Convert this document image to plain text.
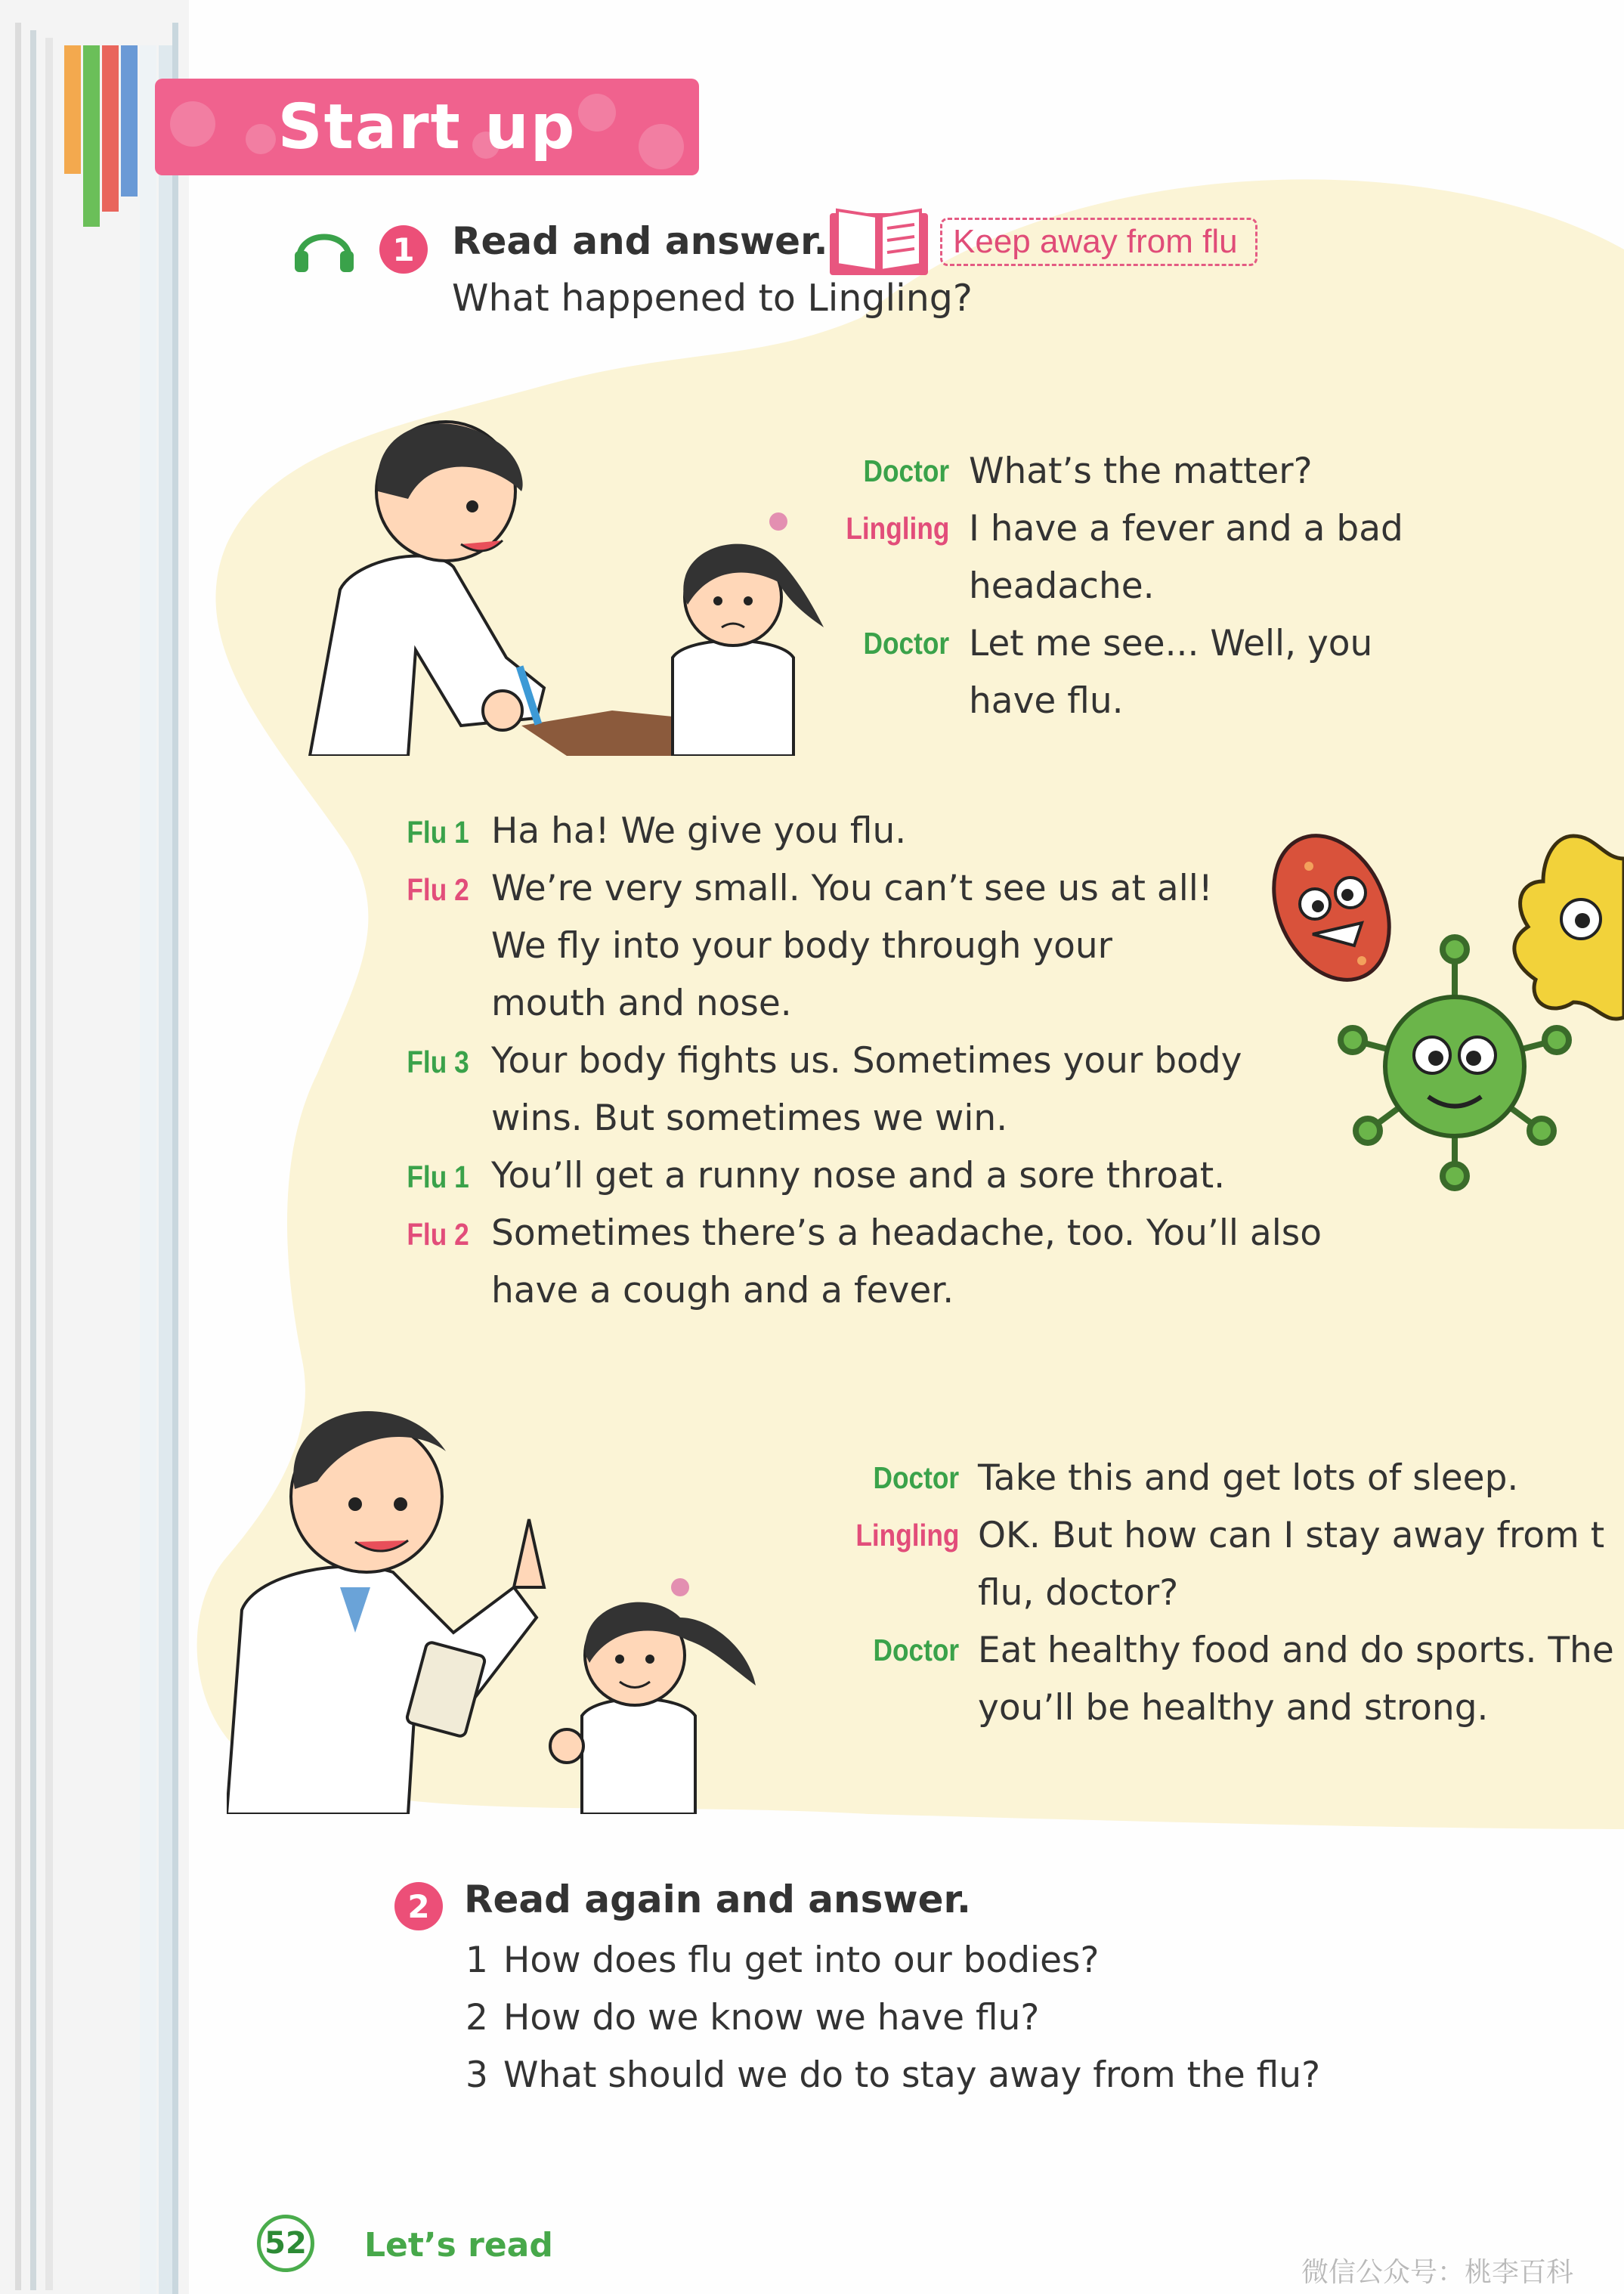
Start up
1 Read and answer.	Keep away from flu
What happened to Lingling?
Doctor What’s the matter?
Lingling I have a fever and a bad
headache.
Doctor Let me see... Well, you
have flu.
Flu 1 Ha ha! We give you flu.
Flu 2 We’re very small. You can’t see us at all!
We fly into your body through your
mouth and nose.
Flu 3 Your body fights us. Sometimes your body
wins. But sometimes we win.
Flu 1 You’ll get a runny nose and a sore throat.
Flu 2 Sometimes there’s a headache, too. You’ll also
have a cough and a fever.
Doctor Take this and get lots of sleep.
Lingling OK. But how can I stay away from t
flu, doctor?
Doctor Eat healthy food and do sports. The
you’ll be healthy and strong.
2 Read again and answer.
1 How does flu get into our bodies?
2 How do we know we have flu?
3 What should we do to stay away from the flu?
52 Let’s read
微信公众号：桃李百科
